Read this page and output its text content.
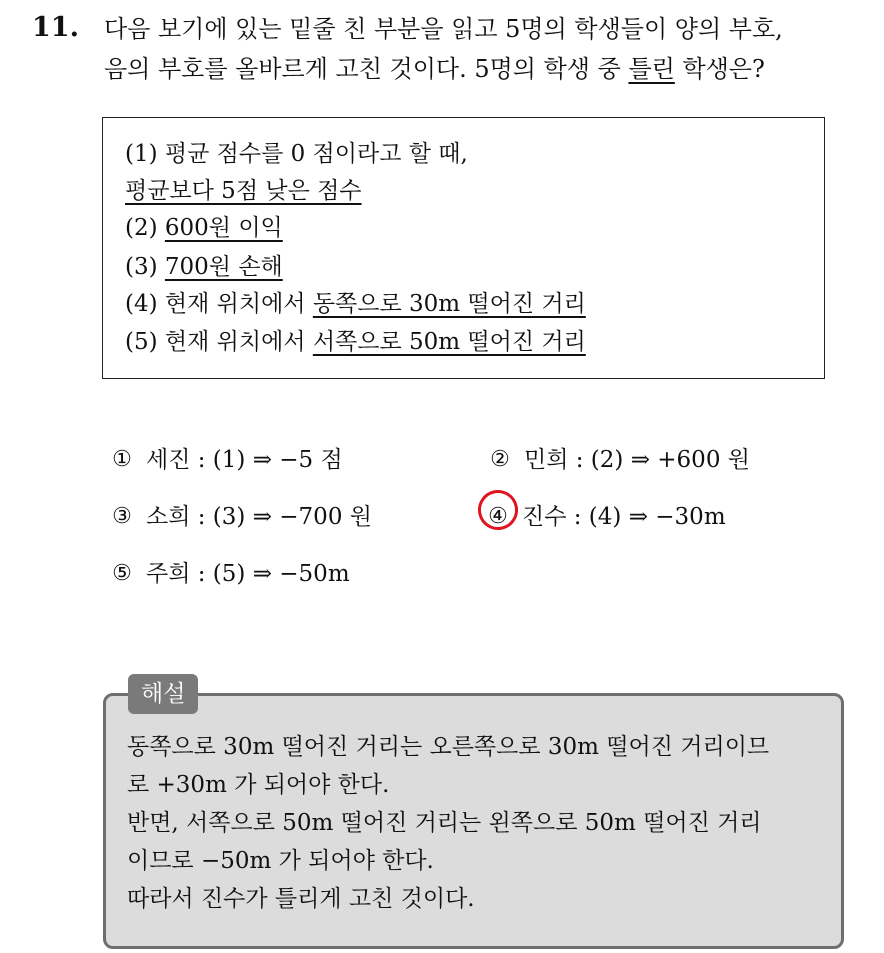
11. 다음 보기에 있는 밑줄 친 부분을 읽고 5명의 학생들이 양의 부호,
음의 부호를 올바르게 고친 것이다. 5명의 학생 중 틀린 학생은?
(1) 평균 점수를 0 점이라고 할 때,
평균보다 5점 낮은 점수
(2) 600원 이익
(3) 700원 손해
(4) 현재 위치에서 동쪽으로 30m 떨어진 거리
(5) 현재 위치에서 서쪽으로 50m 떨어진 거리
① 세진 : (1) ⇒ −5 점	② 민희 : (2) ⇒ +600 원
③ 소희 : (3) ⇒ −700 원	④ 진수 : (4) ⇒ −30m
⑤ 주희 : (5) ⇒ −50m
해설
동쪽으로 30m 떨어진 거리는 오른쪽으로 30m 떨어진 거리이므
로 +30m 가 되어야 한다.
반면, 서쪽으로 50m 떨어진 거리는 왼쪽으로 50m 떨어진 거리
이므로 −50m 가 되어야 한다.
따라서 진수가 틀리게 고친 것이다.
